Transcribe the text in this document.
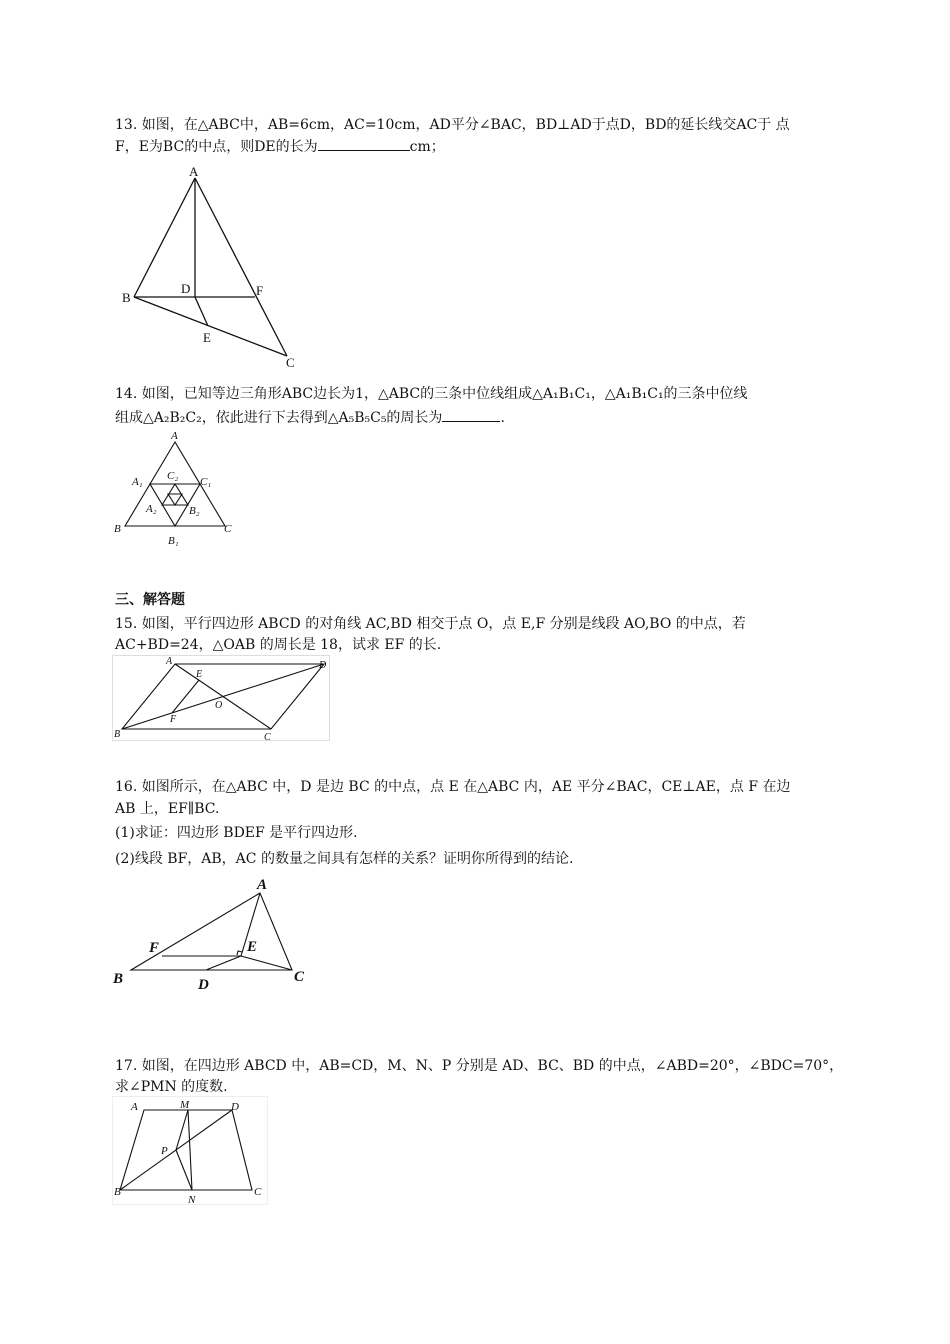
13. 如图，在△ABC中，AB=6cm，AC=10cm，AD平分∠BAC，BD⊥AD于点D，BD的延长线交AC于 点
F，E为BC的中点，则DE的长为	cm；
A
B
C
D
E
F
14. 如图，已知等边三角形ABC边长为1，△ABC的三条中位线组成△A₁B₁C₁，△A₁B₁C₁的三条中位线
组成△A₂B₂C₂，依此进行下去得到△A₅B₅C₅的周长为	.
A
B	C
A₁	C₁
B₁
C₂
A₂	B₂
三、解答题
15. 如图，平行四边形 ABCD 的对角线 AC,BD 相交于点 O，点 E,F 分别是线段 AO,BO 的中点，若
AC+BD=24，△OAB 的周长是 18，试求 EF 的长.
A	D
E
O
F
B	C
16. 如图所示，在△ABC 中，D 是边 BC 的中点，点 E 在△ABC 内，AE 平分∠BAC，CE⊥AE，点 F 在边
AB 上，EF∥BC.
(1)求证：四边形 BDEF 是平行四边形.
(2)线段 BF，AB，AC 的数量之间具有怎样的关系？证明你所得到的结论.
A
F	E
B	D	C
17. 如图，在四边形 ABCD 中，AB=CD，M、N、P 分别是 AD、BC、BD 的中点，∠ABD=20°，∠BDC=70°，
求∠PMN 的度数.
A	M	D
P
B
N
C
